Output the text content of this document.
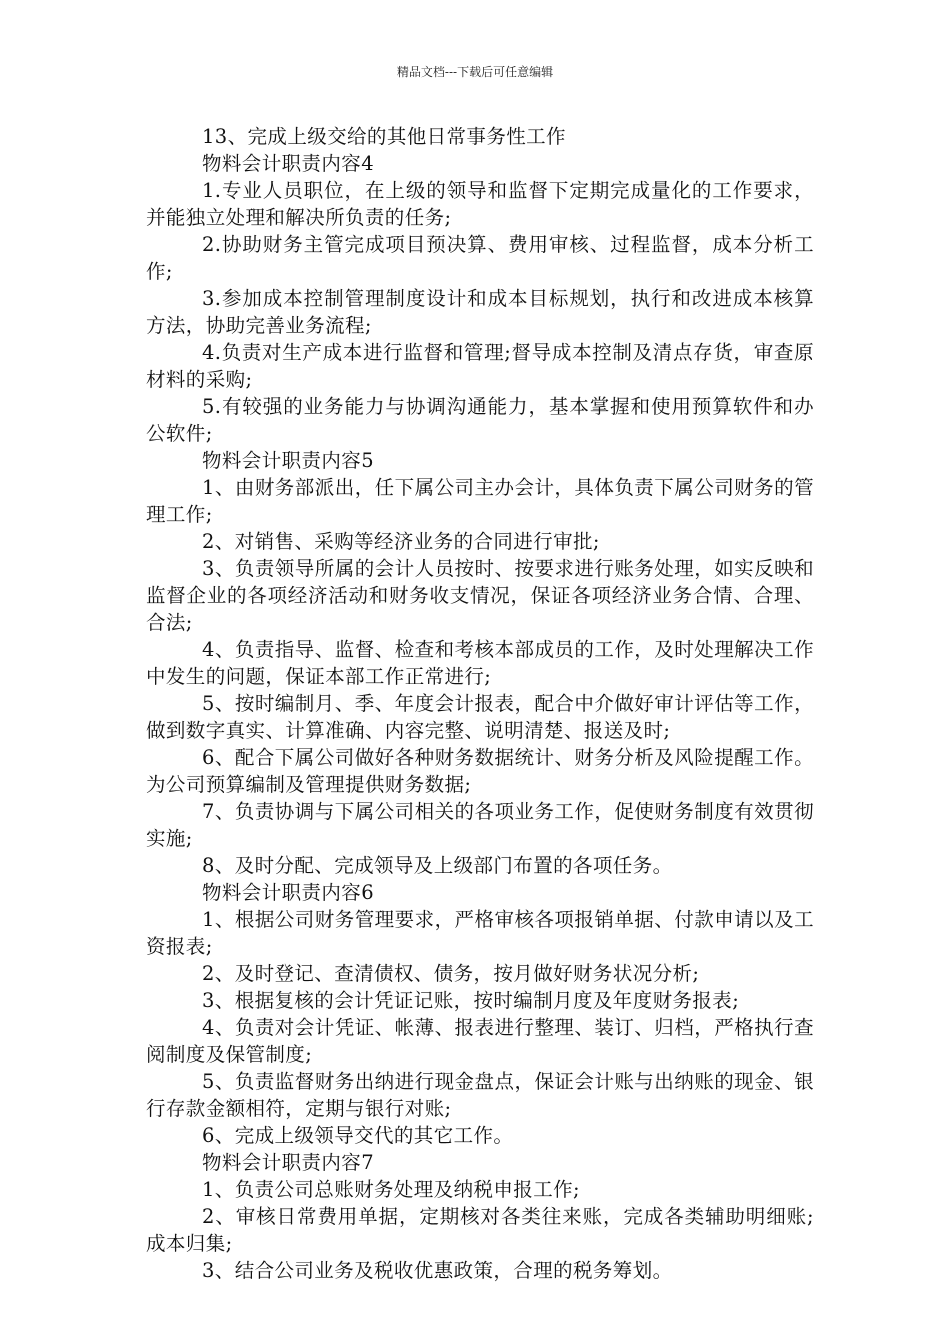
精品文档---下载后可任意编辑

13、完成上级交给的其他日常事务性工作

物料会计职责内容4

1.专业人员职位，在上级的领导和监督下定期完成量化的工作要求，并能独立处理和解决所负责的任务;

2.协助财务主管完成项目预决算、费用审核、过程监督，成本分析工作;

3.参加成本控制管理制度设计和成本目标规划，执行和改进成本核算方法，协助完善业务流程;

4.负责对生产成本进行监督和管理;督导成本控制及清点存货，审查原材料的采购;

5.有较强的业务能力与协调沟通能力，基本掌握和使用预算软件和办公软件;

物料会计职责内容5

1、由财务部派出，任下属公司主办会计，具体负责下属公司财务的管理工作;

2、对销售、采购等经济业务的合同进行审批;

3、负责领导所属的会计人员按时、按要求进行账务处理，如实反映和监督企业的各项经济活动和财务收支情况，保证各项经济业务合情、合理、合法;

4、负责指导、监督、检查和考核本部成员的工作，及时处理解决工作中发生的问题，保证本部工作正常进行;

5、按时编制月、季、年度会计报表，配合中介做好审计评估等工作，做到数字真实、计算准确、内容完整、说明清楚、报送及时;

6、配合下属公司做好各种财务数据统计、财务分析及风险提醒工作。为公司预算编制及管理提供财务数据;

7、负责协调与下属公司相关的各项业务工作，促使财务制度有效贯彻实施;

8、及时分配、完成领导及上级部门布置的各项任务。

物料会计职责内容6

1、根据公司财务管理要求，严格审核各项报销单据、付款申请以及工资报表;

2、及时登记、查清债权、债务，按月做好财务状况分析;

3、根据复核的会计凭证记账，按时编制月度及年度财务报表;

4、负责对会计凭证、帐薄、报表进行整理、装订、归档，严格执行查阅制度及保管制度;

5、负责监督财务出纳进行现金盘点，保证会计账与出纳账的现金、银行存款金额相符，定期与银行对账;

6、完成上级领导交代的其它工作。

物料会计职责内容7

1、负责公司总账财务处理及纳税申报工作;

2、审核日常费用单据，定期核对各类往来账，完成各类辅助明细账;成本归集;

3、结合公司业务及税收优惠政策，合理的税务筹划。
